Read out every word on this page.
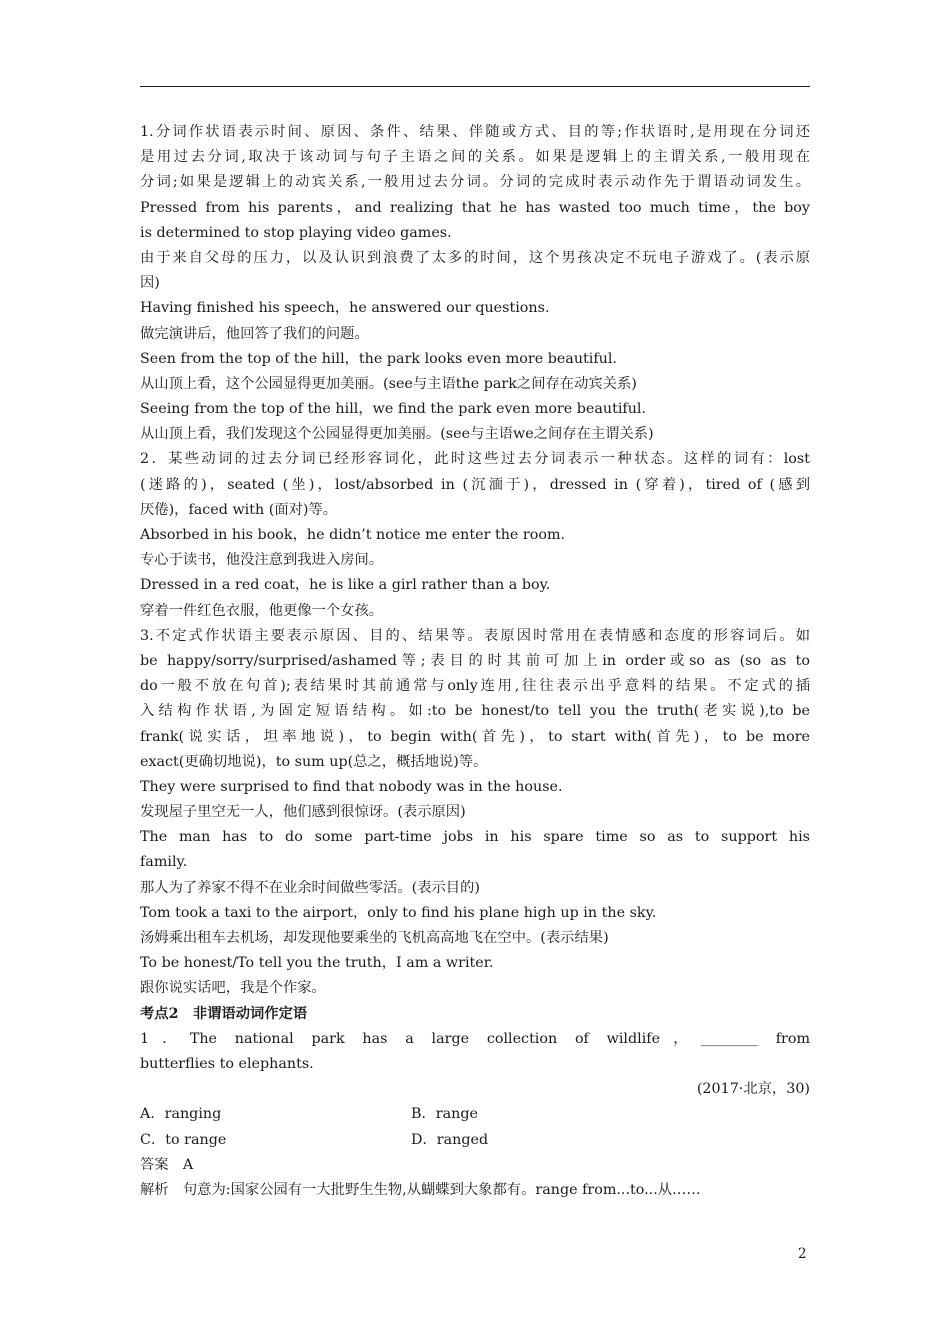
1.分词作状语表示时间、原因、条件、结果、伴随或方式、目的等;作状语时,是用现在分词还
是用过去分词,取决于该动词与句子主语之间的关系。如果是逻辑上的主谓关系,一般用现在
分词;如果是逻辑上的动宾关系,一般用过去分词。分词的完成时表示动作先于谓语动词发生。
Pressed from his parents，and realizing that he has wasted too much time，the boy
is determined to stop playing video games.
由于来自父母的压力，以及认识到浪费了太多的时间，这个男孩决定不玩电子游戏了。(表示原
因)
Having finished his speech，he answered our questions.
做完演讲后，他回答了我们的问题。
Seen from the top of the hill，the park looks even more beautiful.
从山顶上看，这个公园显得更加美丽。(see与主语the park之间存在动宾关系)
Seeing from the top of the hill，we find the park even more beautiful.
从山顶上看，我们发现这个公园显得更加美丽。(see与主语we之间存在主谓关系)
2．某些动词的过去分词已经形容词化，此时这些过去分词表示一种状态。这样的词有：lost
(迷路的)，seated (坐)，lost/absorbed in (沉湎于)，dressed in (穿着)，tired of (感到
厌倦)，faced with (面对)等。
Absorbed in his book，he didn’t notice me enter the room.
专心于读书，他没注意到我进入房间。
Dressed in a red coat，he is like a girl rather than a boy.
穿着一件红色衣服，他更像一个女孩。
3.不定式作状语主要表示原因、目的、结果等。表原因时常用在表情感和态度的形容词后。如
be happy/sorry/surprised/ashamed等;表目的时其前可加上in order或so as (so as to
do一般不放在句首);表结果时其前通常与only连用,往往表示出乎意料的结果。不定式的插
入结构作状语,为固定短语结构。如:to be honest/to tell you the truth(老实说),to be
frank(说实话，坦率地说)，to begin with(首先)，to start with(首先)，to be more
exact(更确切地说)，to sum up(总之，概括地说)等。
They were surprised to find that nobody was in the house.
发现屋子里空无一人，他们感到很惊讶。(表示原因)
The man has to do some part-time jobs in his spare time so as to support his
family.
那人为了养家不得不在业余时间做些零活。(表示目的)
Tom took a taxi to the airport，only to find his plane high up in the sky.
汤姆乘出租车去机场，却发现他要乘坐的飞机高高地飞在空中。(表示结果)
To be honest/To tell you the truth，I am a writer.
跟你说实话吧，我是个作家。
考点2　非谓语动词作定语
1．The national park has a large collection of wildlife，________ from
butterflies to elephants.
(2017·北京，30)
A．ranging	B．range
C．to range	D．ranged
答案　A
解析　句意为:国家公园有一大批野生生物,从蝴蝶到大象都有。range from...to...从……
2
